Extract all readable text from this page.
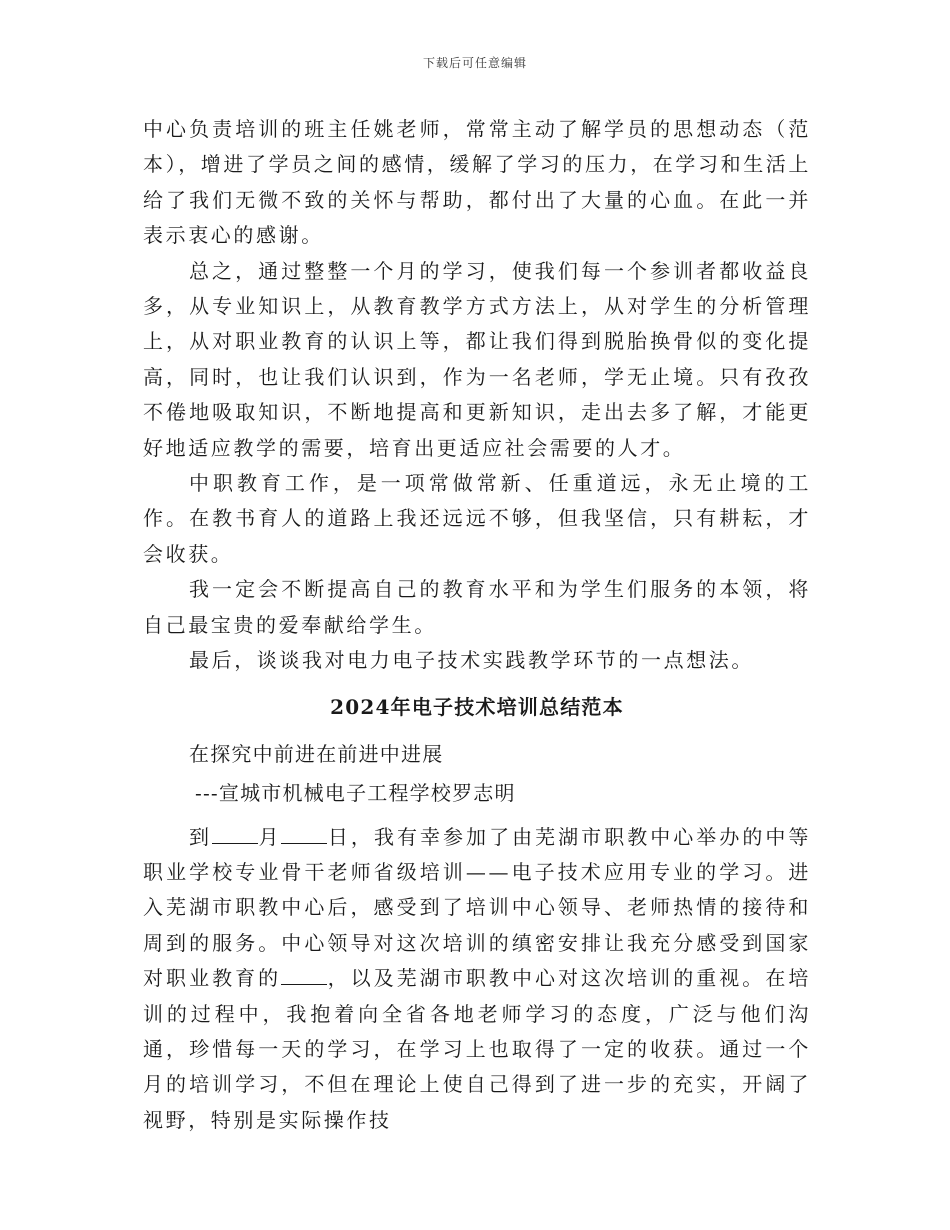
下载后可任意编辑

中心负责培训的班主任姚老师，常常主动了解学员的思想动态（范本），增进了学员之间的感情，缓解了学习的压力，在学习和生活上给了我们无微不致的关怀与帮助，都付出了大量的心血。在此一并表示衷心的感谢。

总之，通过整整一个月的学习，使我们每一个参训者都收益良多，从专业知识上，从教育教学方式方法上，从对学生的分析管理上，从对职业教育的认识上等，都让我们得到脱胎换骨似的变化提高，同时，也让我们认识到，作为一名老师，学无止境。只有孜孜不倦地吸取知识，不断地提高和更新知识，走出去多了解，才能更好地适应教学的需要，培育出更适应社会需要的人才。

中职教育工作，是一项常做常新、任重道远，永无止境的工作。在教书育人的道路上我还远远不够，但我坚信，只有耕耘，才会收获。

我一定会不断提高自己的教育水平和为学生们服务的本领，将自己最宝贵的爱奉献给学生。

最后，谈谈我对电力电子技术实践教学环节的一点想法。

2024年电子技术培训总结范本
在探究中前进在前进中进展
---宣城市机械电子工程学校罗志明

到 月 日，我有幸参加了由芜湖市职教中心举办的中等职业学校专业骨干老师省级培训——电子技术应用专业的学习。进入芜湖市职教中心后，感受到了培训中心领导、老师热情的接待和周到的服务。中心领导对这次培训的缜密安排让我充分感受到国家对职业教育的 ，以及芜湖市职教中心对这次培训的重视。在培训的过程中，我抱着向全省各地老师学习的态度，广泛与他们沟通，珍惜每一天的学习，在学习上也取得了一定的收获。通过一个月的培训学习，不但在理论上使自己得到了进一步的充实，开阔了视野，特别是实际操作技
